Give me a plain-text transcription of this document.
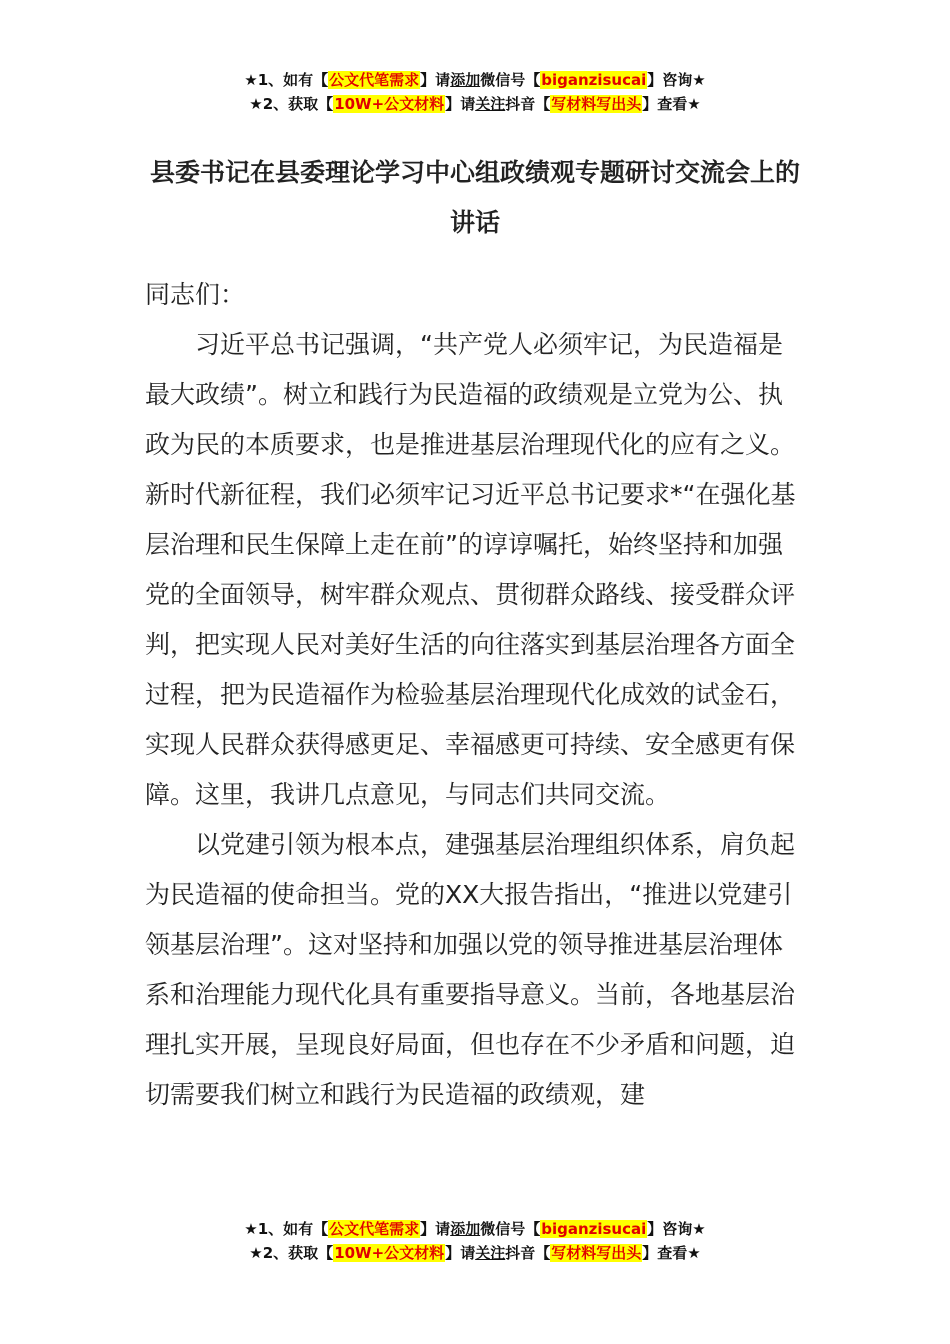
★1、如有【公文代笔需求】请添加微信号【biganzisucai】咨询★
★2、获取【10W+公文材料】请关注抖音【写材料写出头】查看★
县委书记在县委理论学习中心组政绩观专题研讨交流会上的讲话

同志们：

习近平总书记强调，“共产党人必须牢记，为民造福是最大政绩”。树立和践行为民造福的政绩观是立党为公、执政为民的本质要求，也是推进基层治理现代化的应有之义。新时代新征程，我们必须牢记习近平总书记要求*“在强化基层治理和民生保障上走在前”的谆谆嘱托，始终坚持和加强党的全面领导，树牢群众观点、贯彻群众路线、接受群众评判，把实现人民对美好生活的向往落实到基层治理各方面全过程，把为民造福作为检验基层治理现代化成效的试金石，实现人民群众获得感更足、幸福感更可持续、安全感更有保障。这里，我讲几点意见，与同志们共同交流。

以党建引领为根本点，建强基层治理组织体系，肩负起为民造福的使命担当。党的XX大报告指出，“推进以党建引领基层治理”。这对坚持和加强以党的领导推进基层治理体系和治理能力现代化具有重要指导意义。当前，各地基层治理扎实开展，呈现良好局面，但也存在不少矛盾和问题，迫切需要我们树立和践行为民造福的政绩观，建

★1、如有【公文代笔需求】请添加微信号【biganzisucai】咨询★
★2、获取【10W+公文材料】请关注抖音【写材料写出头】查看★
